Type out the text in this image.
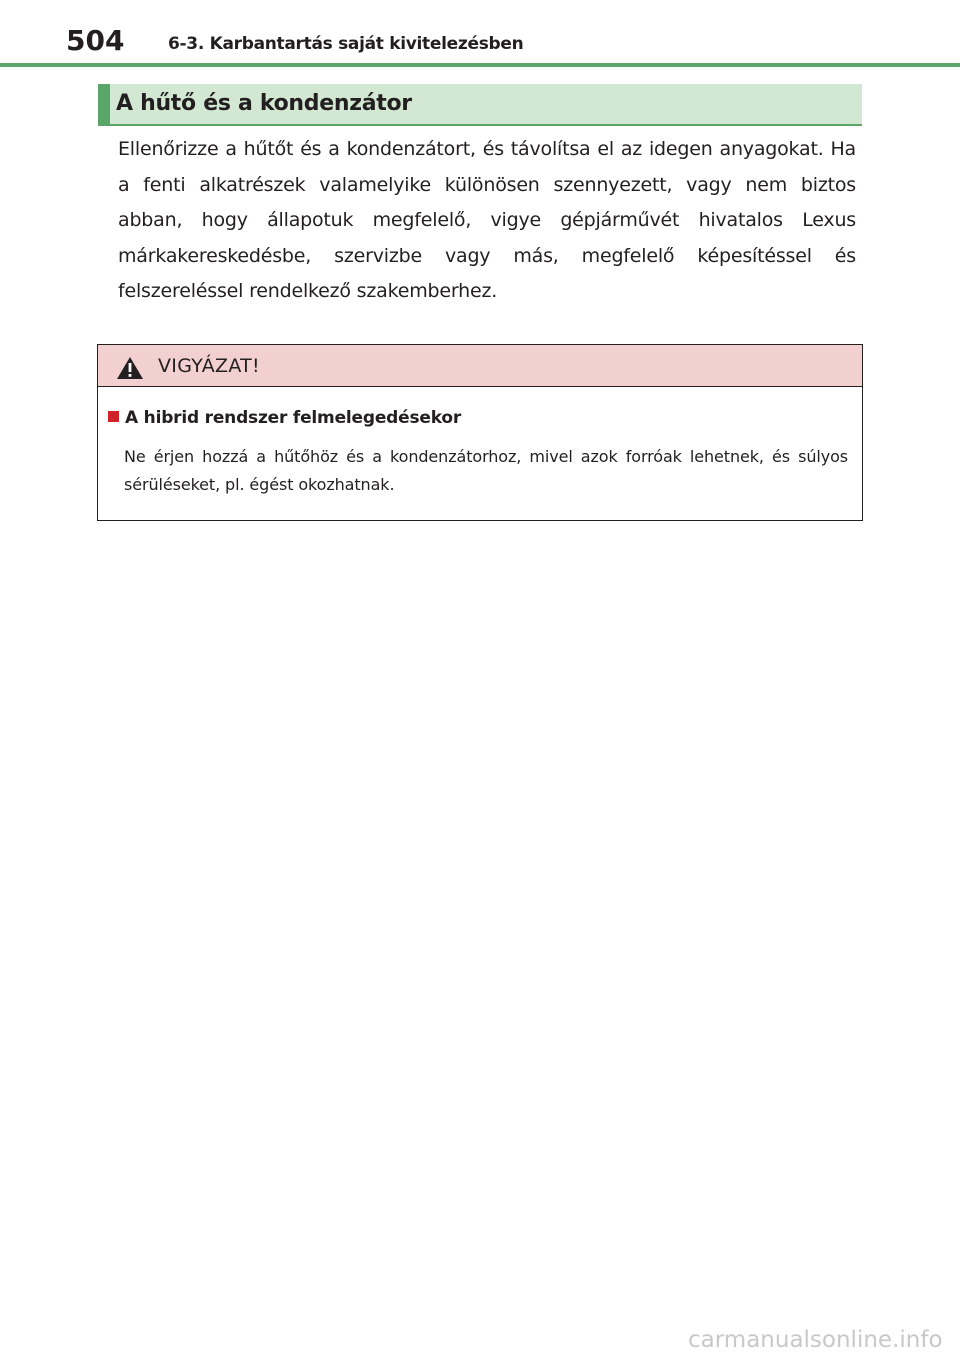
504	6-3. Karbantartás saját kivitelezésben
A hűtő és a kondenzátor
Ellenőrizze a hűtőt és a kondenzátort, és távolítsa el az idegen anyagokat. Ha a fenti alkatrészek valamelyike különösen szennyezett, vagy nem biztos abban, hogy állapotuk megfelelő, vigye gépjárművét hivatalos Lexus márkakereskedésbe, szervizbe vagy más, megfelelő képesítéssel és felszereléssel rendelkező szakemberhez.
VIGYÁZAT!
A hibrid rendszer felmelegedésekor
Ne érjen hozzá a hűtőhöz és a kondenzátorhoz, mivel azok forróak lehetnek, és súlyos sérüléseket, pl. égést okozhatnak.
carmanualsonline.info
